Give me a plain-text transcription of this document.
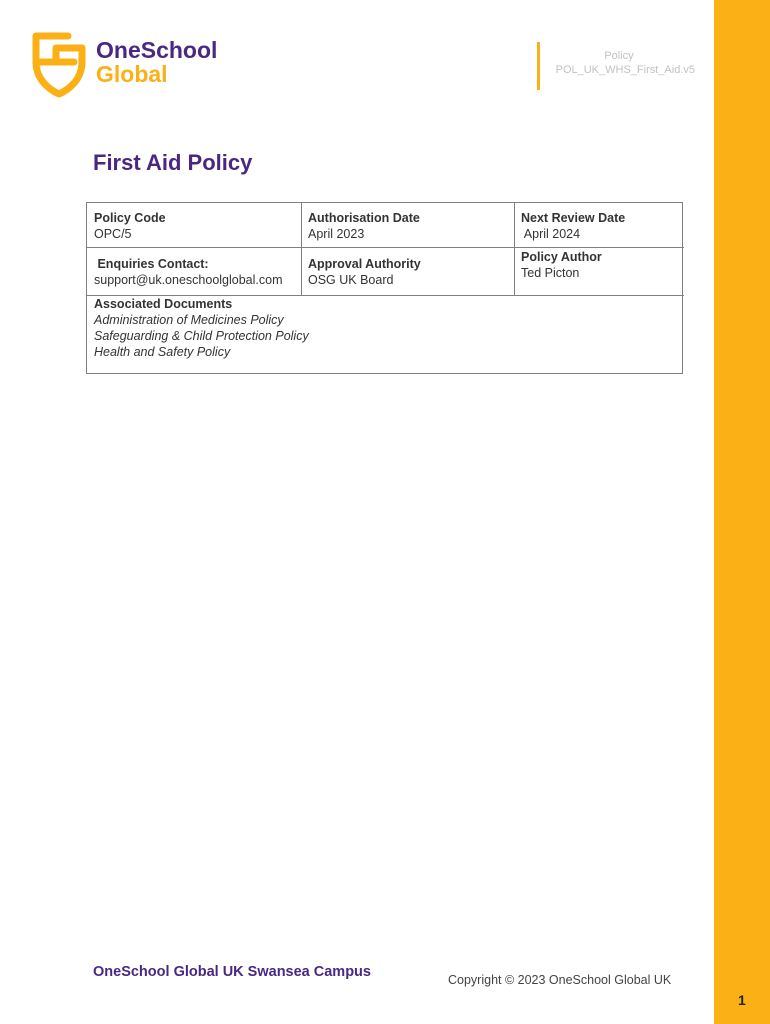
OneSchool
Global
Policy
POL_UK_WHS_First_Aid.v5
First Aid Policy
Policy Code
OPC/5
Authorisation Date
April 2023
Next Review Date
April 2024
Enquiries Contact:
support@uk.oneschoolglobal.com
Approval Authority
OSG UK Board
Policy Author
Ted Picton
Associated Documents
Administration of Medicines Policy
Safeguarding & Child Protection Policy
Health and Safety Policy
OneSchool Global UK Swansea Campus	Copyright © 2023 OneSchool Global UK
1
